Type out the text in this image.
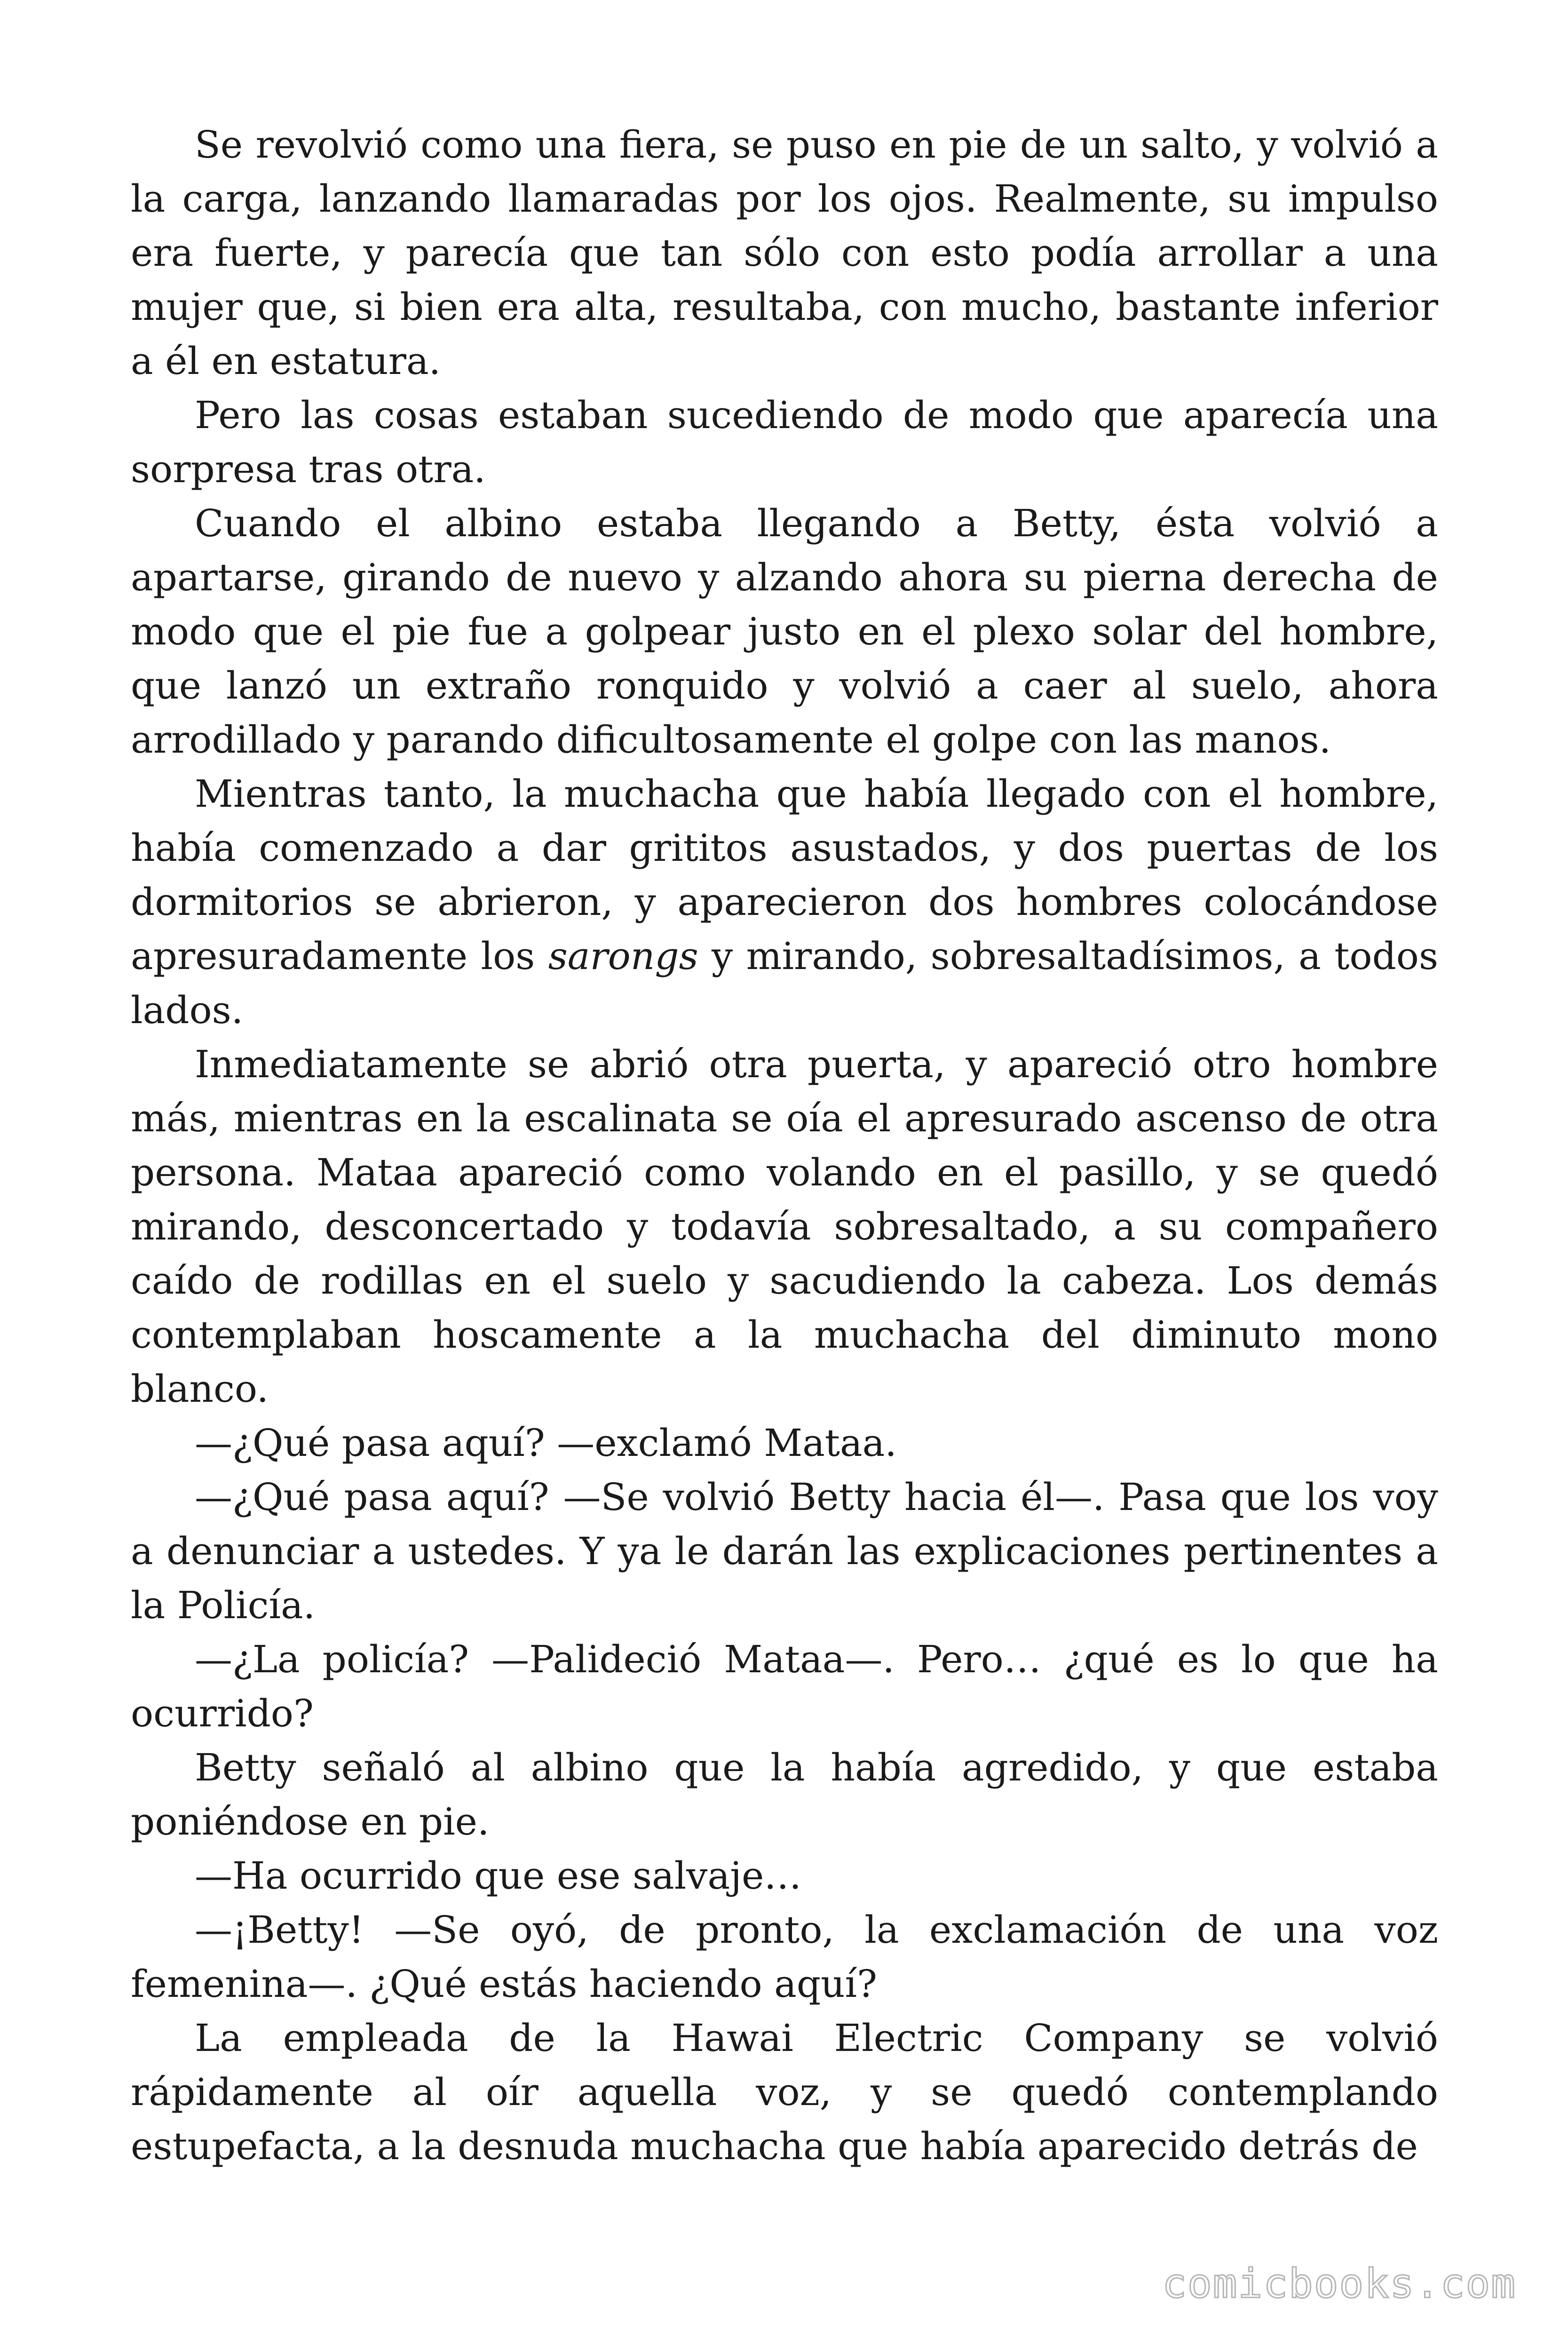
Se revolvió como una fiera, se puso en pie de un salto, y volvió a la carga, lanzando llamaradas por los ojos. Realmente, su impulso era fuerte, y parecía que tan sólo con esto podía arrollar a una mujer que, si bien era alta, resultaba, con mucho, bastante inferior a él en estatura.

Pero las cosas estaban sucediendo de modo que aparecía una sorpresa tras otra.

Cuando el albino estaba llegando a Betty, ésta volvió a apartarse, girando de nuevo y alzando ahora su pierna derecha de modo que el pie fue a golpear justo en el plexo solar del hombre, que lanzó un extraño ronquido y volvió a caer al suelo, ahora arrodillado y parando dificultosamente el golpe con las manos.

Mientras tanto, la muchacha que había llegado con el hombre, había comenzado a dar grititos asustados, y dos puertas de los dormitorios se abrieron, y aparecieron dos hombres colocándose apresuradamente los sarongs y mirando, sobresaltadísimos, a todos lados.

Inmediatamente se abrió otra puerta, y apareció otro hombre más, mientras en la escalinata se oía el apresurado ascenso de otra persona. Mataa apareció como volando en el pasillo, y se quedó mirando, desconcertado y todavía sobresaltado, a su compañero caído de rodillas en el suelo y sacudiendo la cabeza. Los demás contemplaban hoscamente a la muchacha del diminuto mono blanco.

—¿Qué pasa aquí? —exclamó Mataa.

—¿Qué pasa aquí? —Se volvió Betty hacia él—. Pasa que los voy a denunciar a ustedes. Y ya le darán las explicaciones pertinentes a la Policía.

—¿La policía? —Palideció Mataa—. Pero… ¿qué es lo que ha ocurrido?

Betty señaló al albino que la había agredido, y que estaba poniéndose en pie.

—Ha ocurrido que ese salvaje…

—¡Betty! —Se oyó, de pronto, la exclamación de una voz femenina—. ¿Qué estás haciendo aquí?

La empleada de la Hawai Electric Company se volvió rápidamente al oír aquella voz, y se quedó contemplando estupefacta, a la desnuda muchacha que había aparecido detrás de

comicbooks.com
